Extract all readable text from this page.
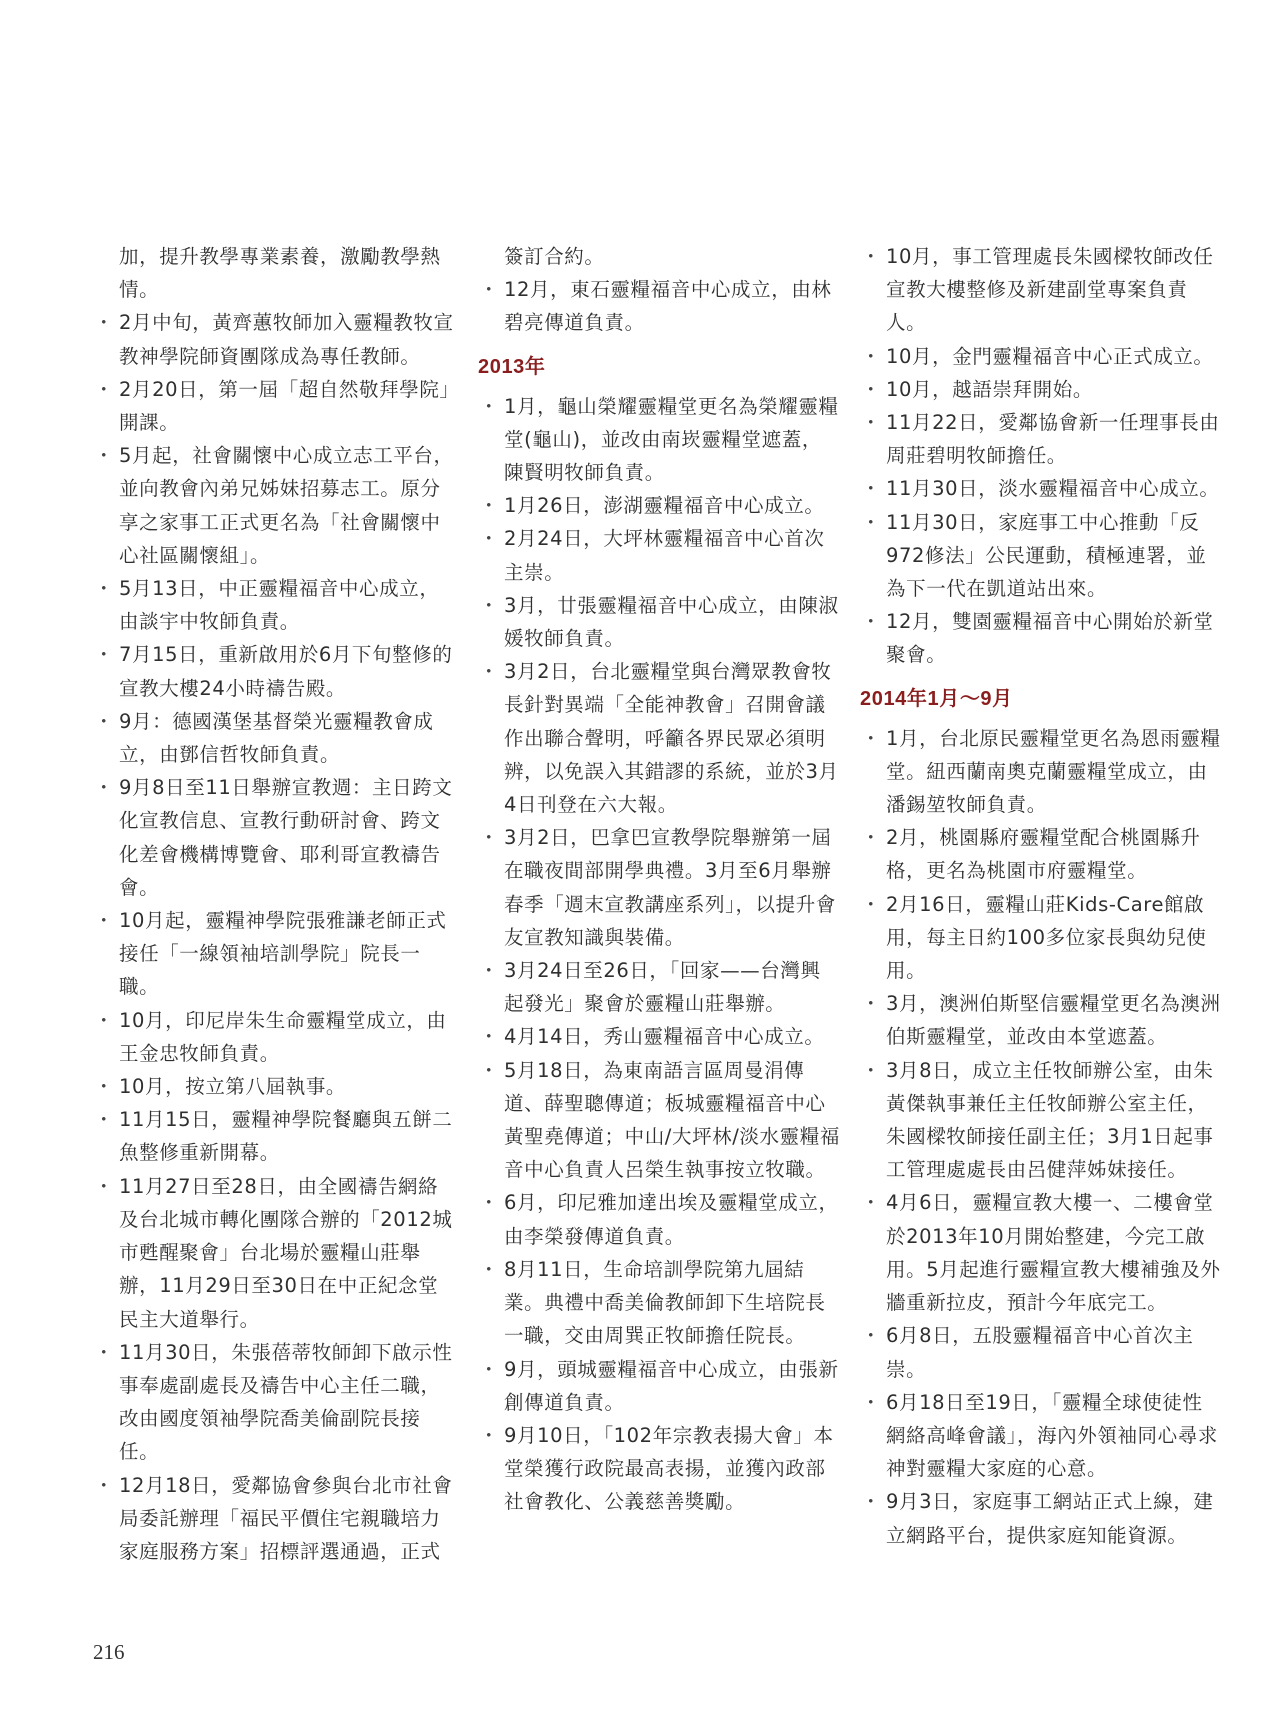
加，提升教學專業素養，激勵教學熱情。
・ 2月中旬，黃齊蕙牧師加入靈糧教牧宣教神學院師資團隊成為專任教師。
・ 2月20日，第一屆「超自然敬拜學院」開課。
・ 5月起，社會關懷中心成立志工平台，並向教會內弟兄姊妹招募志工。原分享之家事工正式更名為「社會關懷中心社區關懷組」。
・ 5月13日，中正靈糧福音中心成立，由談宇中牧師負責。
・ 7月15日，重新啟用於6月下旬整修的宣教大樓24小時禱告殿。
・ 9月：德國漢堡基督榮光靈糧教會成立，由鄧信哲牧師負責。
・ 9月8日至11日舉辦宣教週：主日跨文化宣教信息、宣教行動研討會、跨文化差會機構博覽會、耶利哥宣教禱告會。
・ 10月起，靈糧神學院張雅謙老師正式接任「一線領袖培訓學院」院長一職。
・ 10月，印尼岸朱生命靈糧堂成立，由王金忠牧師負責。
・ 10月，按立第八屆執事。
・ 11月15日，靈糧神學院餐廳與五餅二魚整修重新開幕。
・ 11月27日至28日，由全國禱告網絡及台北城市轉化團隊合辦的「2012城市甦醒聚會」台北場於靈糧山莊舉辦，11月29日至30日在中正紀念堂民主大道舉行。
・ 11月30日，朱張蓓蒂牧師卸下啟示性事奉處副處長及禱告中心主任二職，改由國度領袖學院喬美倫副院長接任。
・ 12月18日，愛鄰協會參與台北市社會局委託辦理「福民平價住宅親職培力家庭服務方案」招標評選通過，正式
簽訂合約。
・ 12月，東石靈糧福音中心成立，由林碧亮傳道負責。
2013年
・ 1月，龜山榮耀靈糧堂更名為榮耀靈糧堂(龜山)，並改由南崁靈糧堂遮蓋，陳賢明牧師負責。
・ 1月26日，澎湖靈糧福音中心成立。
・ 2月24日，大坪林靈糧福音中心首次主崇。
・ 3月，廿張靈糧福音中心成立，由陳淑媛牧師負責。
・ 3月2日，台北靈糧堂與台灣眾教會牧長針對異端「全能神教會」召開會議作出聯合聲明，呼籲各界民眾必須明辨，以免誤入其錯謬的系統，並於3月4日刊登在六大報。
・ 3月2日，巴拿巴宣教學院舉辦第一屆在職夜間部開學典禮。3月至6月舉辦春季「週末宣教講座系列」，以提升會友宣教知識與裝備。
・ 3月24日至26日，「回家——台灣興起發光」聚會於靈糧山莊舉辦。
・ 4月14日，秀山靈糧福音中心成立。
・ 5月18日，為東南語言區周曼涓傳道、薛聖聰傳道；板城靈糧福音中心黃聖堯傳道；中山/大坪林/淡水靈糧福音中心負責人呂榮生執事按立牧職。
・ 6月，印尼雅加達出埃及靈糧堂成立，由李榮發傳道負責。
・ 8月11日，生命培訓學院第九屆結業。典禮中喬美倫教師卸下生培院長一職，交由周巽正牧師擔任院長。
・ 9月，頭城靈糧福音中心成立，由張新創傳道負責。
・ 9月10日，「102年宗教表揚大會」本堂榮獲行政院最高表揚，並獲內政部社會教化、公義慈善獎勵。
・ 10月，事工管理處長朱國樑牧師改任宣教大樓整修及新建副堂專案負責人。
・ 10月，金門靈糧福音中心正式成立。
・ 10月，越語崇拜開始。
・ 11月22日，愛鄰協會新一任理事長由周莊碧明牧師擔任。
・ 11月30日，淡水靈糧福音中心成立。
・ 11月30日，家庭事工中心推動「反972修法」公民運動，積極連署，並為下一代在凱道站出來。
・ 12月，雙園靈糧福音中心開始於新堂聚會。
2014年1月～9月
・ 1月，台北原民靈糧堂更名為恩雨靈糧堂。紐西蘭南奧克蘭靈糧堂成立，由潘錫堃牧師負責。
・ 2月，桃園縣府靈糧堂配合桃園縣升格，更名為桃園市府靈糧堂。
・ 2月16日，靈糧山莊Kids-Care館啟用，每主日約100多位家長與幼兒使用。
・ 3月，澳洲伯斯堅信靈糧堂更名為澳洲伯斯靈糧堂，並改由本堂遮蓋。
・ 3月8日，成立主任牧師辦公室，由朱黃傑執事兼任主任牧師辦公室主任，朱國樑牧師接任副主任；3月1日起事工管理處處長由呂健萍姊妹接任。
・ 4月6日，靈糧宣教大樓一、二樓會堂於2013年10月開始整建，今完工啟用。5月起進行靈糧宣教大樓補強及外牆重新拉皮，預計今年底完工。
・ 6月8日，五股靈糧福音中心首次主崇。
・ 6月18日至19日，「靈糧全球使徒性網絡高峰會議」，海內外領袖同心尋求神對靈糧大家庭的心意。
・ 9月3日，家庭事工網站正式上線，建立網路平台，提供家庭知能資源。
216
